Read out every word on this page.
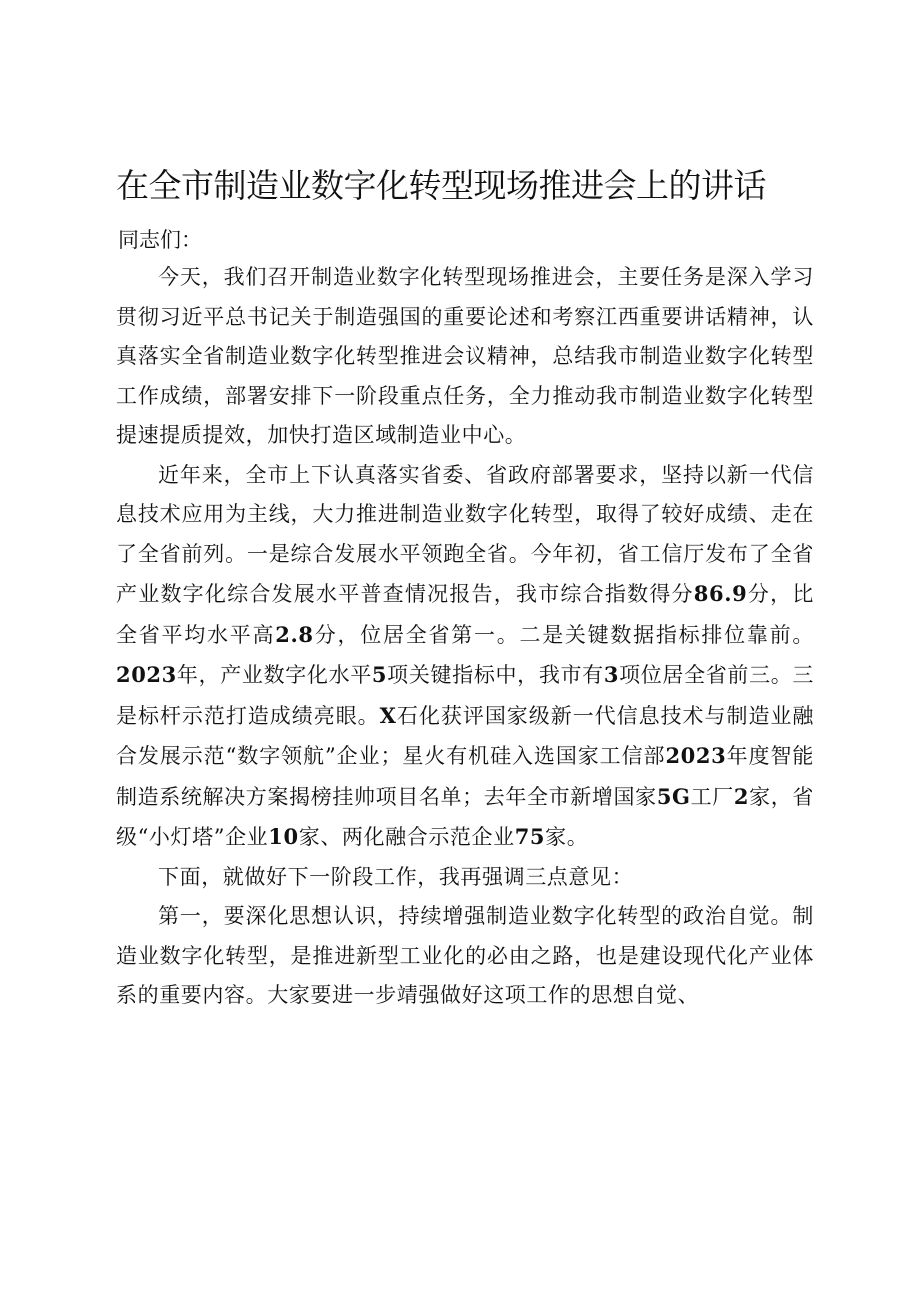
在全市制造业数字化转型现场推进会上的讲话
同志们：

今天，我们召开制造业数字化转型现场推进会，主要任务是深入学习贯彻习近平总书记关于制造强国的重要论述和考察江西重要讲话精神，认真落实全省制造业数字化转型推进会议精神，总结我市制造业数字化转型工作成绩，部署安排下一阶段重点任务，全力推动我市制造业数字化转型提速提质提效，加快打造区域制造业中心。

近年来，全市上下认真落实省委、省政府部署要求，坚持以新一代信息技术应用为主线，大力推进制造业数字化转型，取得了较好成绩、走在了全省前列。一是综合发展水平领跑全省。今年初，省工信厅发布了全省产业数字化综合发展水平普查情况报告，我市综合指数得分86.9分，比全省平均水平高2.8分，位居全省第一。二是关键数据指标排位靠前。2023年，产业数字化水平5项关键指标中，我市有3项位居全省前三。三是标杆示范打造成绩亮眼。X石化获评国家级新一代信息技术与制造业融合发展示范“数字领航”企业；星火有机硅入选国家工信部2023年度智能制造系统解决方案揭榜挂帅项目名单；去年全市新增国家5G工厂2家，省级“小灯塔”企业10家、两化融合示范企业75家。

下面，就做好下一阶段工作，我再强调三点意见：

第一，要深化思想认识，持续增强制造业数字化转型的政治自觉。制造业数字化转型，是推进新型工业化的必由之路，也是建设现代化产业体系的重要内容。大家要进一步靖强做好这项工作的思想自觉、
